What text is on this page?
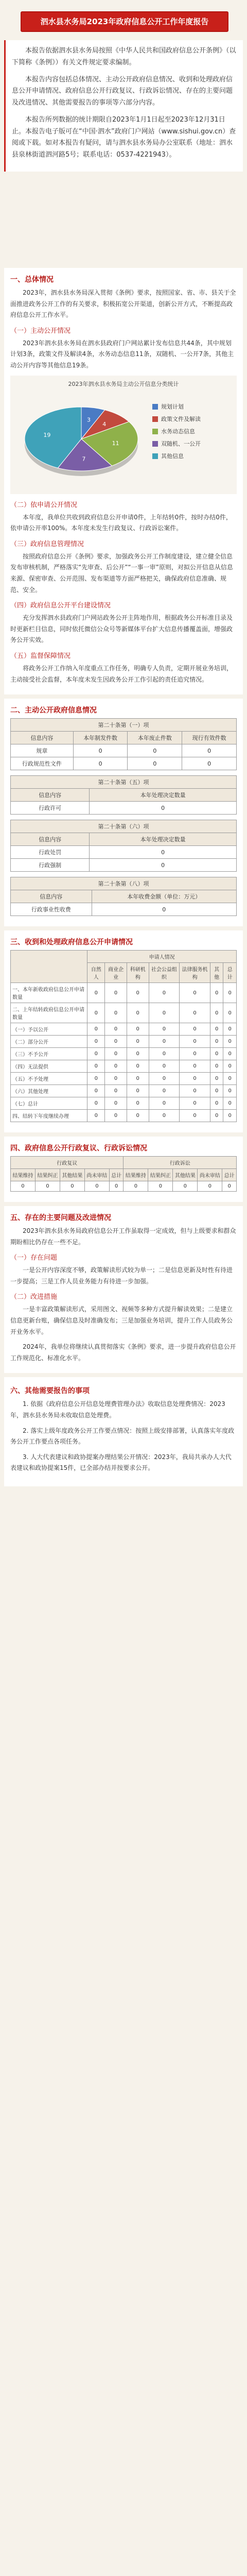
泗水县水务局2023年政府信息公开工作年度报告

本报告依据泗水县水务局按照《中华人民共和国政府信息公开条例》（以下简称《条例》）有关文件规定要求编制。

本报告内容包括总体情况、主动公开政府信息情况、收到和处理政府信息公开申请情况、政府信息公开行政复议、行政诉讼情况、存在的主要问题及改进情况、其他需要报告的事项等六部分内容。

本报告所列数据的统计期限自2023年1月1日起至2023年12月31日止。本报告电子版可在“中国·泗水”政府门户网站（www.sishui.gov.cn）查阅或下载。如对本报告有疑问，请与泗水县水务局办公室联系（地址：泗水县泉林街道泗河路5号；联系电话：0537-4221943）。

一、总体情况

2023年，泗水县水务局深入贯彻《条例》要求，按照国家、省、市、县关于全面推进政务公开工作的有关要求，积极拓宽公开渠道，创新公开方式，不断提高政府信息公开工作水平。

（一）主动公开情况

2023年泗水县水务局在泗水县政府门户网站累计发布信息共44条，其中规划计划3条，政策文件及解读4条，水务动态信息11条，双随机、一公开7条，其他主动公开内容等其他信息19条。

2023年泗水县水务局主动公开信息分类统计
3
规划计划
4
政策文件及解读
11
水务动态信息
7
双随机、一公开
19
其他信息
（二）依申请公开情况

本年度，我单位共收到政府信息公开申请0件，上年结转0件，按时办结0件，依申请公开率100%。本年度未发生行政复议、行政诉讼案件。

（三）政府信息管理情况

按照政府信息公开《条例》要求，加强政务公开工作制度建设，建立健全信息发布审核机制，严格落实“先审查、后公开”“一事一审”原则，对拟公开信息从信息来源、保密审查、公开范围、发布渠道等方面严格把关，确保政府信息准确、规范、安全。

（四）政府信息公开平台建设情况

充分发挥泗水县政府门户网站政务公开主阵地作用，根据政务公开标准目录及时更新栏目信息，同时依托微信公众号等新媒体平台扩大信息传播覆盖面，增强政务公开实效。

（五）监督保障情况

将政务公开工作纳入年度重点工作任务，明确专人负责，定期开展业务培训，主动接受社会监督，本年度未发生因政务公开工作引起的责任追究情况。

二、主动公开政府信息情况
第二十条第（一）项			
信息内容	本年制发件数	本年废止件数	现行有效件数
规章	0	0	0
行政规范性文件	0	0	0
第二十条第（五）项	
信息内容	本年处理决定数量
行政许可	0
第二十条第（六）项	
信息内容	本年处理决定数量
行政处罚	0
行政强制	0
第二十条第（八）项	
信息内容	本年收费金额（单位：万元）
行政事业性收费	0
三、收到和处理政府信息公开申请情况
	申请人情况						
	自然人	商业企业	科研机构	社会公益组织	法律服务机构	其他	总计
一、本年新收政府信息公开申请数量	0	0	0	0	0	0	0
二、上年结转政府信息公开申请数量	0	0	0	0	0	0	0
（一）予以公开	0	0	0	0	0	0	0
（二）部分公开	0	0	0	0	0	0	0
（三）不予公开	0	0	0	0	0	0	0
（四）无法提供	0	0	0	0	0	0	0
（五）不予处理	0	0	0	0	0	0	0
（六）其他处理	0	0	0	0	0	0	0
（七）总计	0	0	0	0	0	0	0
四、结转下年度继续办理	0	0	0	0	0	0	0
四、政府信息公开行政复议、行政诉讼情况
行政复议					行政诉讼				
结果维持	结果纠正	其他结果	尚未审结	总计	结果维持	结果纠正	其他结果	尚未审结	总计
0	0	0	0	0	0	0	0	0	0
五、存在的主要问题及改进情况

2023年泗水县水务局政府信息公开工作虽取得一定成效，但与上级要求和群众期盼相比仍存在一些不足。

（一）存在问题

一是公开内容深度不够，政策解读形式较为单一；二是信息更新及时性有待进一步提高；三是工作人员业务能力有待进一步加强。

（二）改进措施

一是丰富政策解读形式，采用图文、视频等多种方式提升解读效果；二是建立信息更新台账，确保信息及时准确发布；三是加强业务培训，提升工作人员政务公开业务水平。

2024年，我单位将继续认真贯彻落实《条例》要求，进一步提升政府信息公开工作规范化、标准化水平。

六、其他需要报告的事项

1. 依据《政府信息公开信息处理费管理办法》收取信息处理费情况：2023年，泗水县水务局未收取信息处理费。

2. 落实上级年度政务公开工作要点情况：按照上级安排部署，认真落实年度政务公开工作要点各项任务。

3. 人大代表建议和政协提案办理结果公开情况：2023年，我局共承办人大代表建议和政协提案15件，已全部办结并按要求公开。
